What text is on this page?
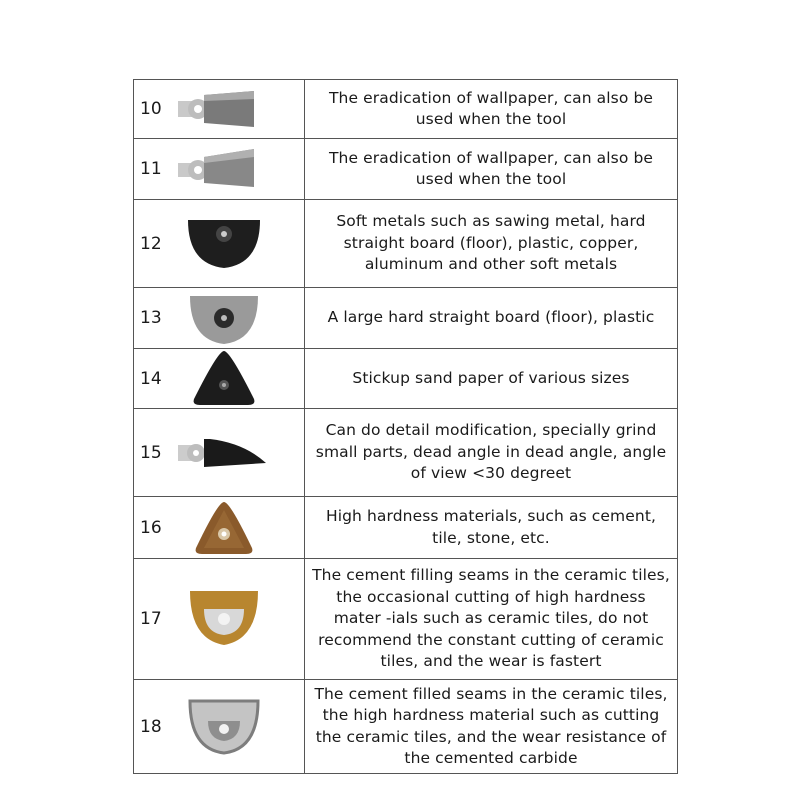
10	The eradication of wallpaper, can also be used when the tool

11	The eradication of wallpaper, can also be used when the tool

12	Soft metals such as sawing metal, hard straight board (floor), plastic, copper, aluminum and other soft metals

13	A large hard straight board (floor), plastic

14	Stickup sand paper of various sizes

15	Can do detail modification, specially grind small parts, dead angle in dead angle, angle of view <30 degreet

16	High hardness materials, such as cement, tile, stone, etc.

17	The cement filling seams in the ceramic tiles, the occasional cutting of high hardness mater -ials such as ceramic tiles, do not recommend the constant cutting of ceramic tiles, and the wear is fastert

18	The cement filled seams in the ceramic tiles, the high hardness material such as cutting the ceramic tiles, and the wear resistance of the cemented carbide
